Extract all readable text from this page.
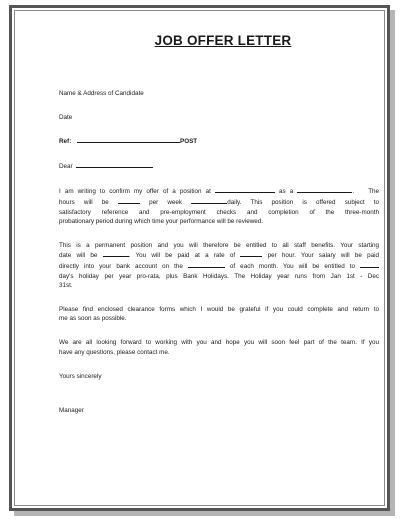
JOB OFFER LETTER

Name & Address of Candidate

Date

Ref:	POST

Dear

I am writing to confirm my offer of a position at	as a	. The
hours will be	per week	daily. This position is offered subject to
satisfactory reference and pre-employment checks and completion of the three-month
probationary period during which time your performance will be reviewed.
This is a permanent position and you will therefore be entitled to all staff benefits. Your starting
date will be	. You will be paid at a rate of	per hour. Your salary will be paid
directly into your bank account on the	of each month. You will be entitled to
day's holiday per year pro-rata, plus Bank Holidays. The Holiday year runs from Jan 1st - Dec
31st.
Please find enclosed clearance forms which I would be grateful if you could complete and return to
me as soon as possible.
We are all looking forward to working with you and hope you will soon feel part of the team. If you
have any questions, please contact me.

Yours sincerely

Manager
